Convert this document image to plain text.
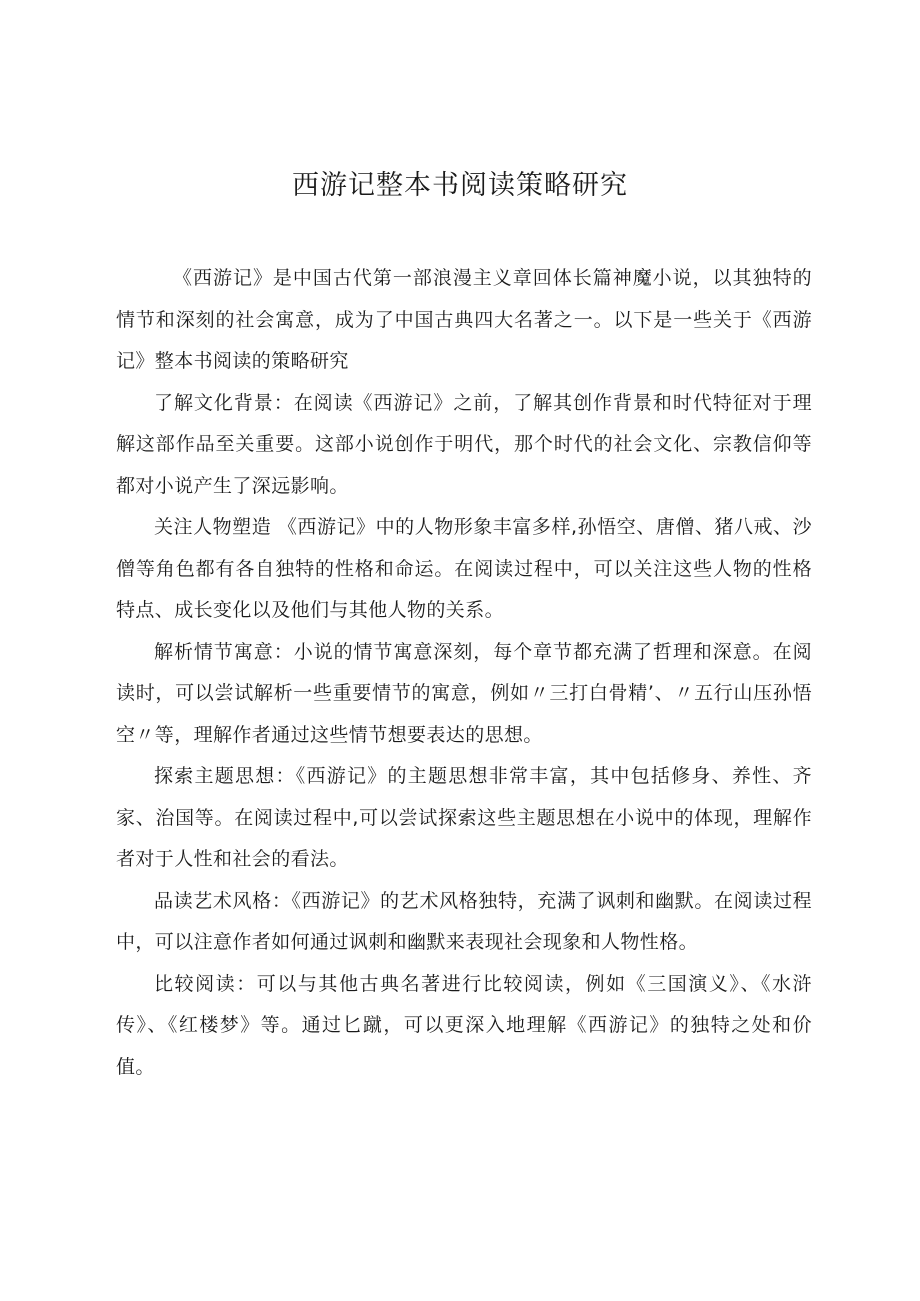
西游记整本书阅读策略研究

《西游记》是中国古代第一部浪漫主义章回体长篇神魔小说，以其独特的情节和深刻的社会寓意，成为了中国古典四大名著之一。以下是一些关于《西游记》整本书阅读的策略研究

了解文化背景：在阅读《西游记》之前，了解其创作背景和时代特征对于理解这部作品至关重要。这部小说创作于明代，那个时代的社会文化、宗教信仰等都对小说产生了深远影响。

关注人物塑造 《西游记》中的人物形象丰富多样,孙悟空、唐僧、猪八戒、沙僧等角色都有各自独特的性格和命运。在阅读过程中，可以关注这些人物的性格特点、成长变化以及他们与其他人物的关系。

解析情节寓意：小说的情节寓意深刻，每个章节都充满了哲理和深意。在阅读时，可以尝试解析一些重要情节的寓意，例如〃三打白骨精’、〃五行山压孙悟空〃等，理解作者通过这些情节想要表达的思想。

探索主题思想：《西游记》的主题思想非常丰富，其中包括修身、养性、齐家、治国等。在阅读过程中,可以尝试探索这些主题思想在小说中的体现，理解作者对于人性和社会的看法。

品读艺术风格：《西游记》的艺术风格独特，充满了讽刺和幽默。在阅读过程中，可以注意作者如何通过讽刺和幽默来表现社会现象和人物性格。

比较阅读：可以与其他古典名著进行比较阅读，例如《三国演义》、《水浒传》、《红楼梦》等。通过匕蹴，可以更深入地理解《西游记》的独特之处和价值。
